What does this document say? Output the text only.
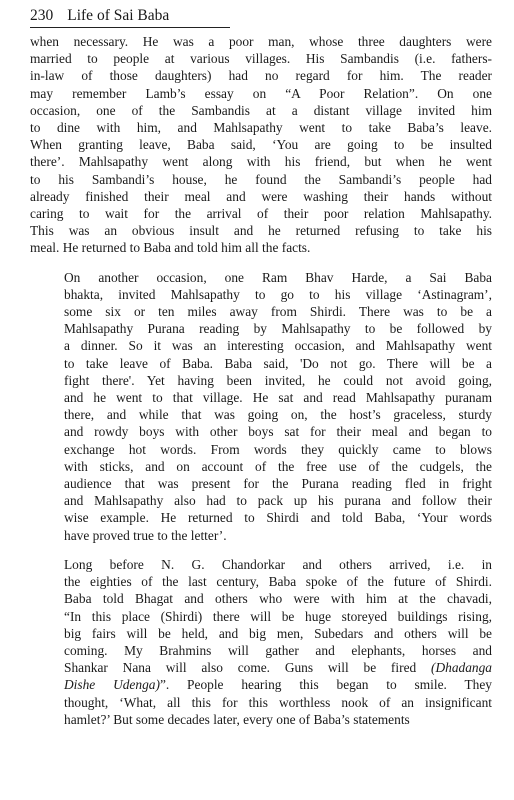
230 Life of Sai Baba

when necessary. He was a poor man, whose three daughters were
married to people at various villages. His Sambandis (i.e. fathers-
in-law of those daughters) had no regard for him. The reader
may remember Lamb’s essay on “A Poor Relation”. On one
occasion, one of the Sambandis at a distant village invited him
to dine with him, and Mahlsapathy went to take Baba’s leave.
When granting leave, Baba said, ‘You are going to be insulted
there’. Mahlsapathy went along with his friend, but when he went
to his Sambandi’s house, he found the Sambandi’s people had
already finished their meal and were washing their hands without
caring to wait for the arrival of their poor relation Mahlsapathy.
This was an obvious insult and he returned refusing to take his
meal. He returned to Baba and told him all the facts.

On another occasion, one Ram Bhav Harde, a Sai Baba
bhakta, invited Mahlsapathy to go to his village ‘Astinagram’,
some six or ten miles away from Shirdi. There was to be a
Mahlsapathy Purana reading by Mahlsapathy to be followed by
a dinner. So it was an interesting occasion, and Mahlsapathy went
to take leave of Baba. Baba said, 'Do not go. There will be a
fight there'. Yet having been invited, he could not avoid going,
and he went to that village. He sat and read Mahlsapathy puranam
there, and while that was going on, the host’s graceless, sturdy
and rowdy boys with other boys sat for their meal and began to
exchange hot words. From words they quickly came to blows
with sticks, and on account of the free use of the cudgels, the
audience that was present for the Purana reading fled in fright
and Mahlsapathy also had to pack up his purana and follow their
wise example. He returned to Shirdi and told Baba, ‘Your words
have proved true to the letter’.

Long before N. G. Chandorkar and others arrived, i.e. in
the eighties of the last century, Baba spoke of the future of Shirdi.
Baba told Bhagat and others who were with him at the chavadi,
“In this place (Shirdi) there will be huge storeyed buildings rising,
big fairs will be held, and big men, Subedars and others will be
coming. My Brahmins will gather and elephants, horses and
Shankar Nana will also come. Guns will be fired (Dhadanga
Dishe Udenga)”. People hearing this began to smile. They
thought, ‘What, all this for this worthless nook of an insignificant
hamlet?’ But some decades later, every one of Baba’s statements
